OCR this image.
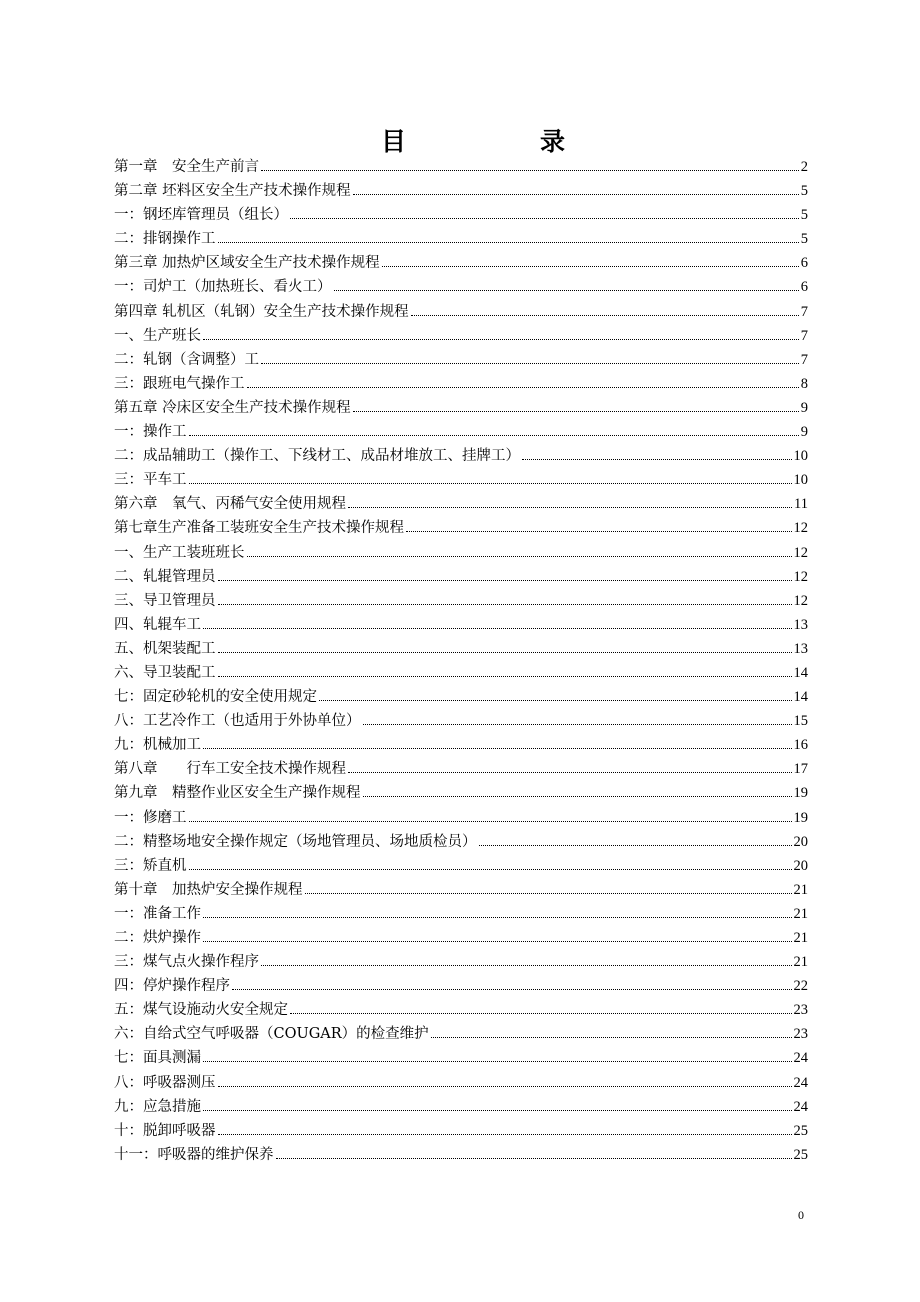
目	录
第一章　安全生产前言	2
第二章 坯料区安全生产技术操作规程	5
一：钢坯库管理员（组长）	5
二：排钢操作工	5
第三章 加热炉区域安全生产技术操作规程	6
一：司炉工（加热班长、看火工）	6
第四章 轧机区（轧钢）安全生产技术操作规程	7
一、生产班长	7
二：轧钢（含调整）工	7
三：跟班电气操作工	8
第五章 冷床区安全生产技术操作规程	9
一：操作工	9
二：成品辅助工（操作工、下线材工、成品材堆放工、挂牌工）	10
三：平车工	10
第六章　氧气、丙稀气安全使用规程	11
第七章生产准备工装班安全生产技术操作规程	12
一、生产工装班班长	12
二、轧辊管理员	12
三、导卫管理员	12
四、轧辊车工	13
五、机架装配工	13
六、导卫装配工	14
七：固定砂轮机的安全使用规定	14
八：工艺冷作工（也适用于外协单位）	15
九：机械加工	16
第八章　　行车工安全技术操作规程	17
第九章　精整作业区安全生产操作规程	19
一：修磨工	19
二：精整场地安全操作规定（场地管理员、场地质检员）	20
三：矫直机	20
第十章　加热炉安全操作规程	21
一：准备工作	21
二：烘炉操作	21
三：煤气点火操作程序	21
四：停炉操作程序	22
五：煤气设施动火安全规定	23
六：自给式空气呼吸器（COUGAR）的检查维护	23
七：面具测漏	24
八：呼吸器测压	24
九：应急措施	24
十：脱卸呼吸器	25
十一：呼吸器的维护保养	25
0
